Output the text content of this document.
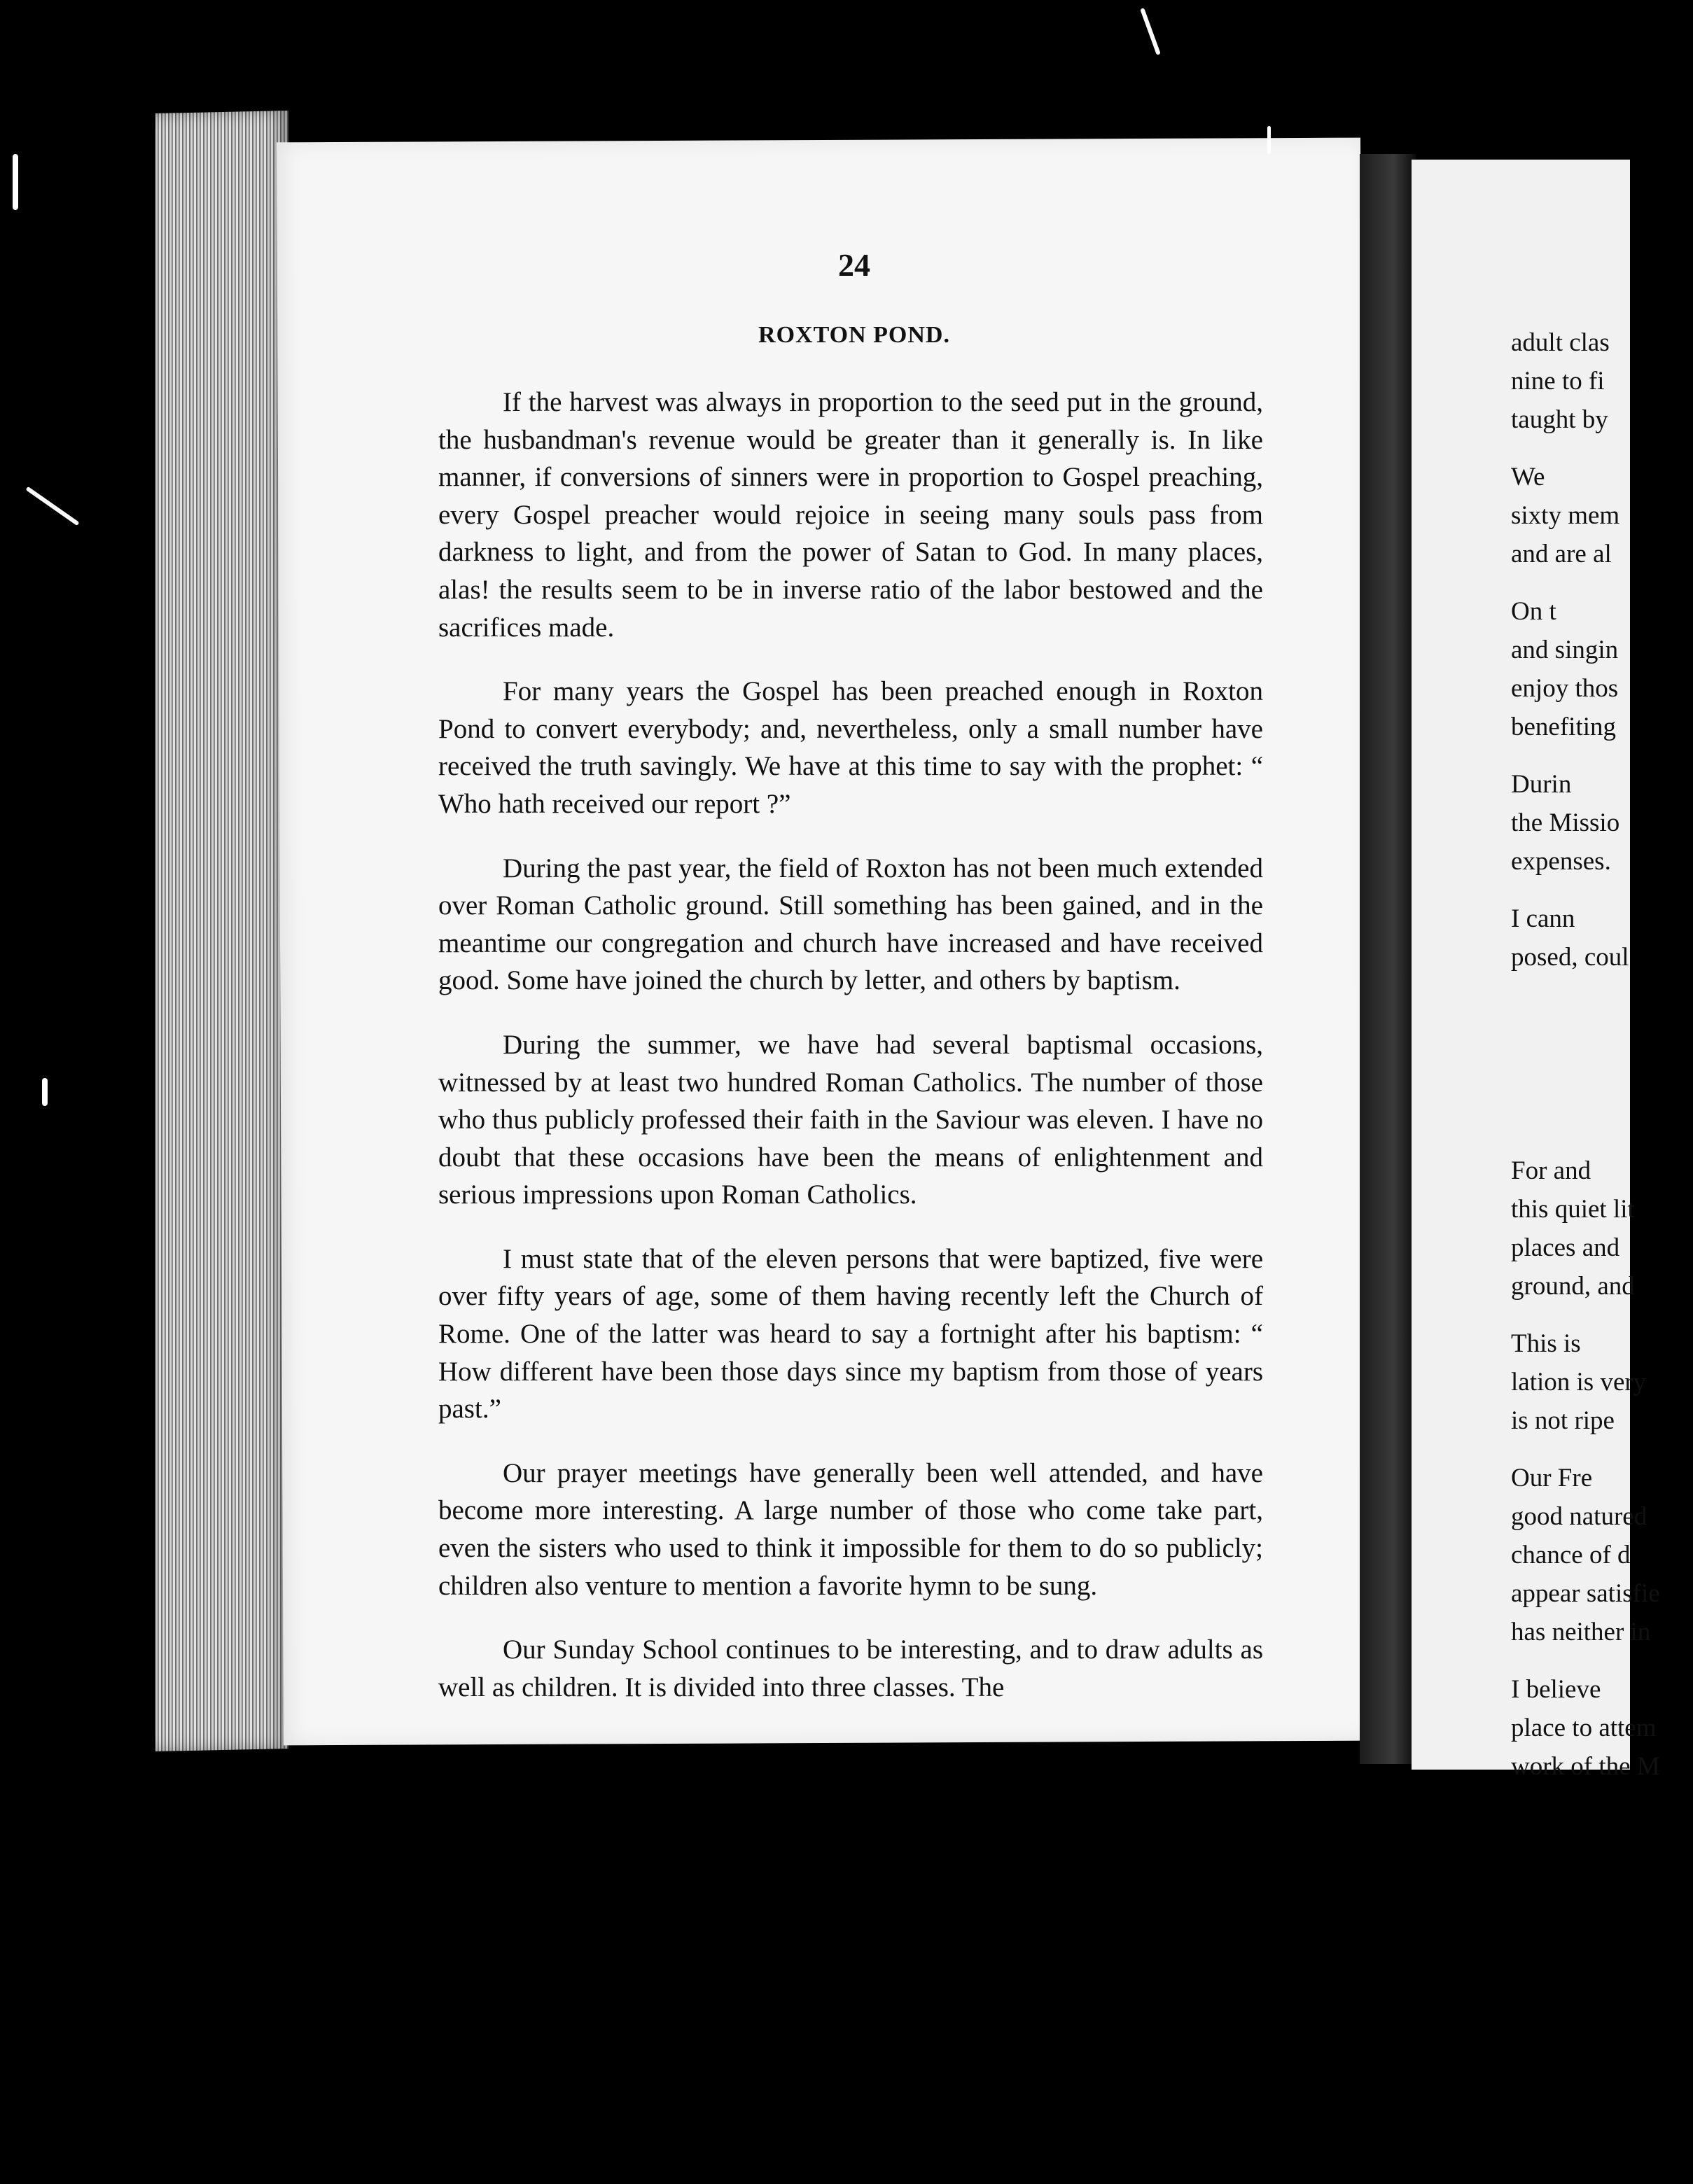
24
ROXTON POND.

If the harvest was always in proportion to the seed put in the ground, the husbandman's revenue would be greater than it generally is. In like manner, if conversions of sinners were in proportion to Gospel preaching, every Gospel preacher would rejoice in seeing many souls pass from darkness to light, and from the power of Satan to God. In many places, alas! the results seem to be in inverse ratio of the labor bestowed and the sacrifices made.

For many years the Gospel has been preached enough in Roxton Pond to convert everybody; and, nevertheless, only a small number have received the truth savingly. We have at this time to say with the prophet: “ Who hath received our report ?”

During the past year, the field of Roxton has not been much extended over Roman Catholic ground. Still something has been gained, and in the meantime our congregation and church have increased and have received good. Some have joined the church by letter, and others by baptism.

During the summer, we have had several baptismal occasions, witnessed by at least two hundred Roman Catholics. The number of those who thus publicly professed their faith in the Saviour was eleven. I have no doubt that these occasions have been the means of enlightenment and serious impressions upon Roman Catholics.

I must state that of the eleven persons that were baptized, five were over fifty years of age, some of them having recently left the Church of Rome. One of the latter was heard to say a fortnight after his baptism: “ How different have been those days since my baptism from those of years past.”

Our prayer meetings have generally been well attended, and have become more interesting. A large number of those who come take part, even the sisters who used to think it impossible for them to do so publicly; children also venture to mention a favorite hymn to be sung.

Our Sunday School continues to be interesting, and to draw adults as well as children. It is divided into three classes. The

adult clas
nine to fi
taught by
We
sixty mem
and are al
On t
and singin
enjoy thos
benefiting
Durin
the Missio
expenses.
I cann
posed, coul
For and
this quiet lit
places and
ground, and
This is
lation is very
is not ripe
Our Fre
good natured
chance of d
appear satisfie
has neither in
I believe
place to attem
work of the M
